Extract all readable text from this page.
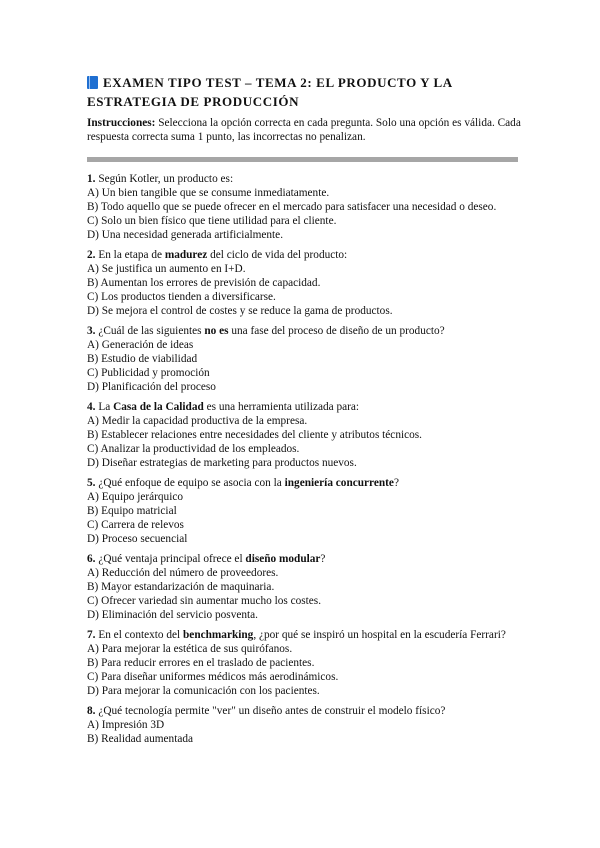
EXAMEN TIPO TEST – TEMA 2: EL PRODUCTO Y LA ESTRATEGIA DE PRODUCCIÓN
Instrucciones: Selecciona la opción correcta en cada pregunta. Solo una opción es válida. Cada respuesta correcta suma 1 punto, las incorrectas no penalizan.
1. Según Kotler, un producto es:
A) Un bien tangible que se consume inmediatamente.
B) Todo aquello que se puede ofrecer en el mercado para satisfacer una necesidad o deseo.
C) Solo un bien físico que tiene utilidad para el cliente.
D) Una necesidad generada artificialmente.
2. En la etapa de madurez del ciclo de vida del producto:
A) Se justifica un aumento en I+D.
B) Aumentan los errores de previsión de capacidad.
C) Los productos tienden a diversificarse.
D) Se mejora el control de costes y se reduce la gama de productos.
3. ¿Cuál de las siguientes no es una fase del proceso de diseño de un producto?
A) Generación de ideas
B) Estudio de viabilidad
C) Publicidad y promoción
D) Planificación del proceso
4. La Casa de la Calidad es una herramienta utilizada para:
A) Medir la capacidad productiva de la empresa.
B) Establecer relaciones entre necesidades del cliente y atributos técnicos.
C) Analizar la productividad de los empleados.
D) Diseñar estrategias de marketing para productos nuevos.
5. ¿Qué enfoque de equipo se asocia con la ingeniería concurrente?
A) Equipo jerárquico
B) Equipo matricial
C) Carrera de relevos
D) Proceso secuencial
6. ¿Qué ventaja principal ofrece el diseño modular?
A) Reducción del número de proveedores.
B) Mayor estandarización de maquinaria.
C) Ofrecer variedad sin aumentar mucho los costes.
D) Eliminación del servicio posventa.
7. En el contexto del benchmarking, ¿por qué se inspiró un hospital en la escudería Ferrari?
A) Para mejorar la estética de sus quirófanos.
B) Para reducir errores en el traslado de pacientes.
C) Para diseñar uniformes médicos más aerodinámicos.
D) Para mejorar la comunicación con los pacientes.
8. ¿Qué tecnología permite "ver" un diseño antes de construir el modelo físico?
A) Impresión 3D
B) Realidad aumentada
